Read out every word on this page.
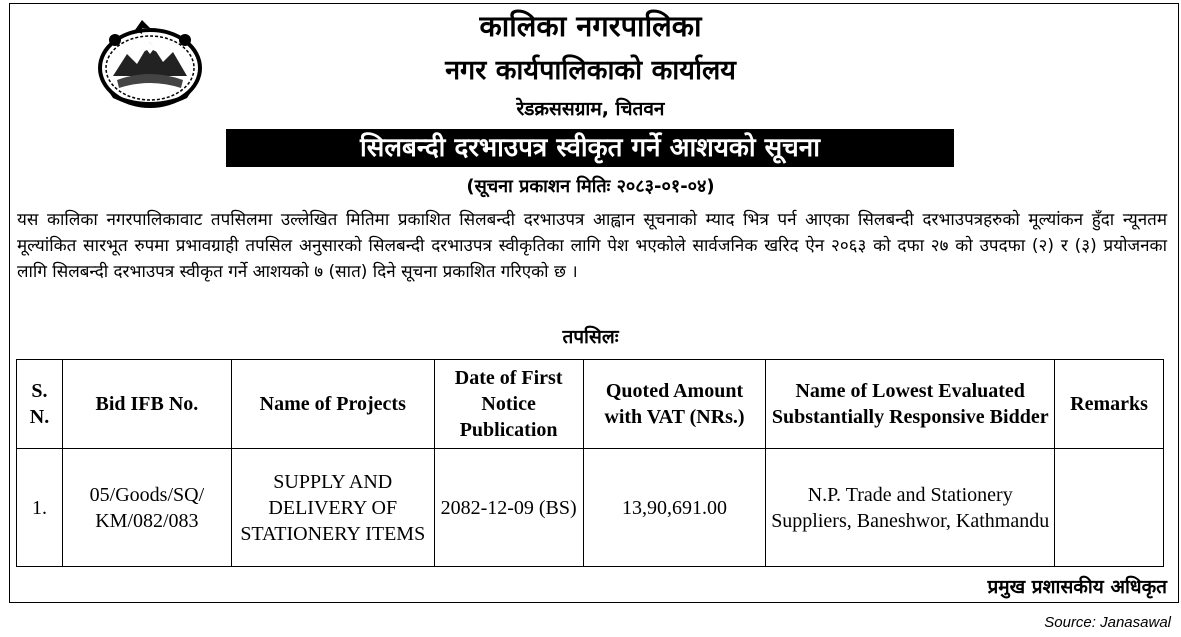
कालिका नगरपालिका
नगर कार्यपालिकाको कार्यालय
रेडक्रससग्राम, चितवन
सिलबन्दी दरभाउपत्र स्वीकृत गर्ने आशयको सूचना
(सूचना प्रकाशन मितिः २०८३-०१-०४)
यस कालिका नगरपालिकावाट तपसिलमा उल्लेखित मितिमा प्रकाशित सिलबन्दी दरभाउपत्र आह्वान सूचनाको म्याद भित्र पर्न आएका सिलबन्दी दरभाउपत्रहरुको मूल्यांकन हुँदा न्यूनतम मूल्यांकित सारभूत रुपमा प्रभावग्राही तपसिल अनुसारको सिलबन्दी दरभाउपत्र स्वीकृतिका लागि पेश भएकोले सार्वजनिक खरिद ऐन २०६३ को दफा २७ को उपदफा (२) र (३) प्रयोजनका लागि सिलबन्दी दरभाउपत्र स्वीकृत गर्ने आशयको ७ (सात) दिने सूचना प्रकाशित गरिएको छ ।
तपसिलः
S. N.	Bid IFB No.	Name of Projects	Date of First Notice Publication	Quoted Amount with VAT (NRs.)	Name of Lowest Evaluated Substantially Responsive Bidder	Remarks
1.	05/Goods/SQ/ KM/082/083	SUPPLY AND DELIVERY OF STATIONERY ITEMS	2082-12-09 (BS)	13,90,691.00	N.P. Trade and Stationery Suppliers, Baneshwor, Kathmandu	
प्रमुख प्रशासकीय अधिकृत
Source: Janasawal
